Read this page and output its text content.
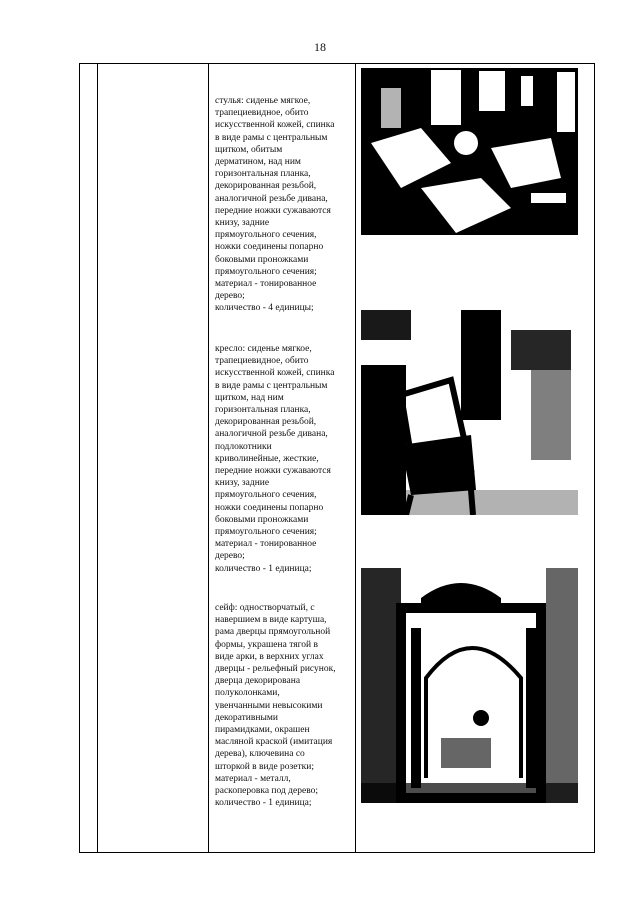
18
стулья: сиденье мягкое,
трапециевидное, обито
искусственной кожей, спинка
в виде рамы с центральным
щитком, обитым
дерматином, над ним
горизонтальная планка,
декорированная резьбой,
аналогичной резьбе дивана,
передние ножки сужаваются
книзу, задние
прямоугольного сечения,
ножки соединены попарно
боковыми проножками
прямоугольного сечения;
материал - тонированное
дерево;
количество - 4 единицы;
кресло: сиденье мягкое,
трапециевидное, обито
искусственной кожей, спинка
в виде рамы с центральным
щитком, над ним
горизонтальная планка,
декорированная резьбой,
аналогичной резьбе дивана,
подлокотники
криволинейные, жесткие,
передние ножки сужаваются
книзу, задние
прямоугольного сечения,
ножки соединены попарно
боковыми проножками
прямоугольного сечения;
материал - тонированное
дерево;
количество - 1 единица;
сейф: одностворчатый, с
навершием в виде картуша,
рама дверцы прямоугольной
формы, украшена тягой в
виде арки, в верхних углах
дверцы - рельефный рисунок,
дверца декорирована
полуколонками,
увенчанными невысокими
декоративными
пирамидками, окрашен
масляной краской (имитация
дерева), ключевина со
шторкой в виде розетки;
материал - металл,
раскопеpовка под дерево;
количество - 1 единица;
